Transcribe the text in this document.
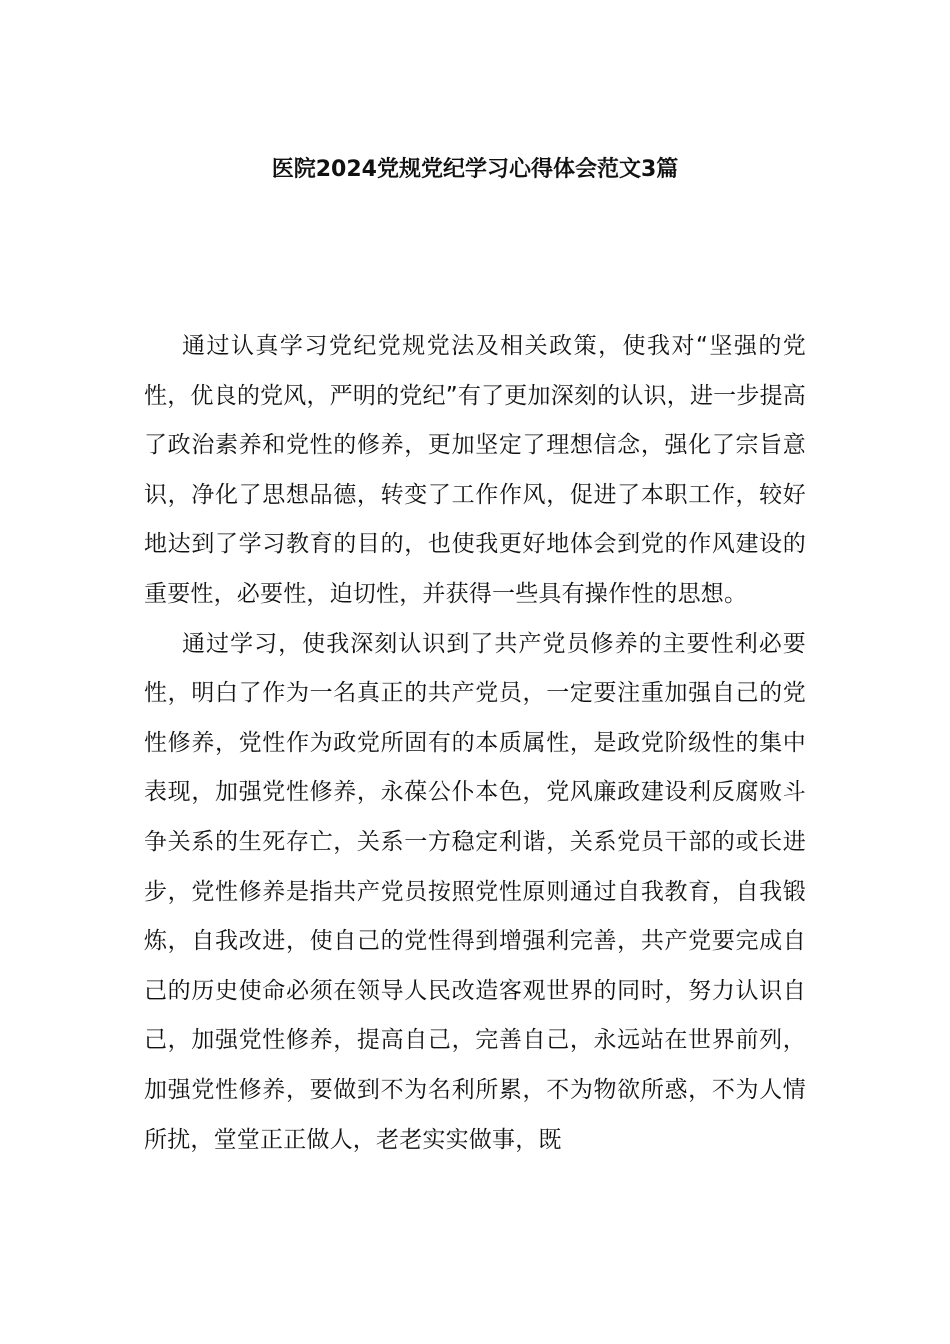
医院2024党规党纪学习心得体会范文3篇

通过认真学习党纪党规党法及相关政策，使我对“坚强的党性，优良的党风，严明的党纪”有了更加深刻的认识，进一步提高了政治素养和党性的修养，更加坚定了理想信念，强化了宗旨意识，净化了思想品德，转变了工作作风，促进了本职工作，较好地达到了学习教育的目的，也使我更好地体会到党的作风建设的重要性，必要性，迫切性，并获得一些具有操作性的思想。

通过学习，使我深刻认识到了共产党员修养的主要性利必要性，明白了作为一名真正的共产党员，一定要注重加强自己的党性修养，党性作为政党所固有的本质属性，是政党阶级性的集中表现，加强党性修养，永葆公仆本色，党风廉政建设利反腐败斗争关系的生死存亡，关系一方稳定利谐，关系党员干部的或长进步，党性修养是指共产党员按照党性原则通过自我教育，自我锻炼，自我改进，使自己的党性得到增强利完善，共产党要完成自己的历史使命必须在领导人民改造客观世界的同时，努力认识自己，加强党性修养，提高自己，完善自己，永远站在世界前列，加强党性修养，要做到不为名利所累，不为物欲所惑，不为人情所扰，堂堂正正做人，老老实实做事，既
